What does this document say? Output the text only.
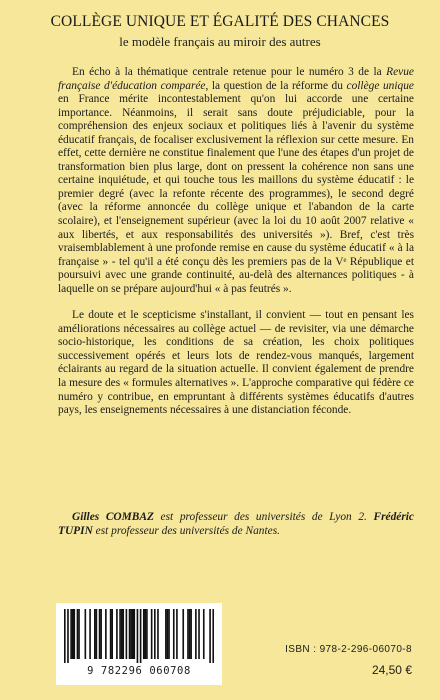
COLLÈGE UNIQUE ET ÉGALITÉ DES CHANCES
le modèle français au miroir des autres

En écho à la thématique centrale retenue pour le numéro 3 de la Revue française d'éducation comparée, la question de la réforme du collège unique en France mérite incontestablement qu'on lui accorde une certaine importance. Néanmoins, il serait sans doute préjudiciable, pour la compréhension des enjeux sociaux et politiques liés à l'avenir du système éducatif français, de focaliser exclusivement la réflexion sur cette mesure. En effet, cette dernière ne constitue finalement que l'une des étapes d'un projet de transformation bien plus large, dont on pressent la cohérence non sans une certaine inquiétude, et qui touche tous les maillons du système éducatif : le premier degré (avec la refonte récente des programmes), le second degré (avec la réforme annoncée du collège unique et l'abandon de la carte scolaire), et l'enseignement supérieur (avec la loi du 10 août 2007 relative « aux libertés, et aux responsabilités des universités »). Bref, c'est très vraisemblablement à une profonde remise en cause du système éducatif « à la française » - tel qu'il a été conçu dès les premiers pas de la Vᵉ République et poursuivi avec une grande continuité, au-delà des alternances politiques - à laquelle on se prépare aujourd'hui « à pas feutrés ».

Le doute et le scepticisme s'installant, il convient — tout en pensant les améliorations nécessaires au collège actuel — de revisiter, via une démarche socio-historique, les conditions de sa création, les choix politiques successivement opérés et leurs lots de rendez-vous manqués, largement éclairants au regard de la situation actuelle. Il convient également de prendre la mesure des « formules alternatives ». L'approche comparative qui fédère ce numéro y contribue, en empruntant à différents systèmes éducatifs d'autres pays, les enseignements nécessaires à une distanciation féconde.

Gilles COMBAZ est professeur des universités de Lyon 2. Frédéric TUPIN est professeur des universités de Nantes.
9 782296 060708
ISBN : 978-2-296-06070-8
24,50 €
